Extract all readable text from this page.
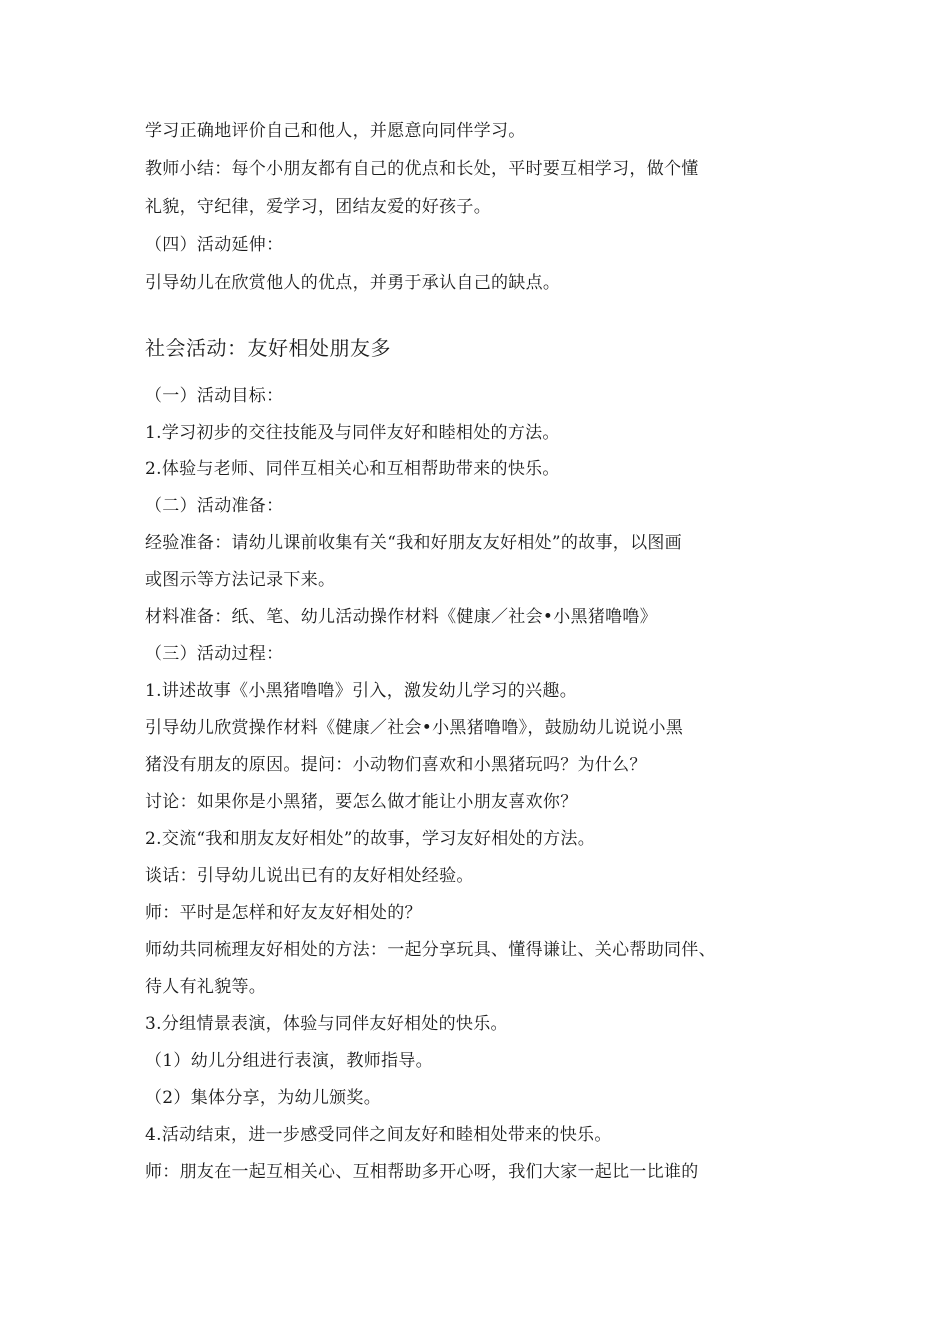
学习正确地评价自己和他人，并愿意向同伴学习。
教师小结：每个小朋友都有自己的优点和长处，平时要互相学习，做个懂
礼貌，守纪律，爱学习，团结友爱的好孩子。
（四）活动延伸：
引导幼儿在欣赏他人的优点，并勇于承认自己的缺点。
社会活动：友好相处朋友多
（一）活动目标：
1.学习初步的交往技能及与同伴友好和睦相处的方法。
2.体验与老师、同伴互相关心和互相帮助带来的快乐。
（二）活动准备：
经验准备：请幼儿课前收集有关“我和好朋友友好相处”的故事，以图画
或图示等方法记录下来。
材料准备：纸、笔、幼儿活动操作材料《健康／社会•小黑猪噜噜》
（三）活动过程：
1.讲述故事《小黑猪噜噜》引入，激发幼儿学习的兴趣。
引导幼儿欣赏操作材料《健康／社会•小黑猪噜噜》，鼓励幼儿说说小黑
猪没有朋友的原因。提问：小动物们喜欢和小黑猪玩吗？为什么？
讨论：如果你是小黑猪，要怎么做才能让小朋友喜欢你？
2.交流“我和朋友友好相处”的故事，学习友好相处的方法。
谈话：引导幼儿说出已有的友好相处经验。
师：平时是怎样和好友友好相处的？
师幼共同梳理友好相处的方法：一起分享玩具、懂得谦让、关心帮助同伴、
待人有礼貌等。
3.分组情景表演，体验与同伴友好相处的快乐。
（1）幼儿分组进行表演，教师指导。
（2）集体分享，为幼儿颁奖。
4.活动结束，进一步感受同伴之间友好和睦相处带来的快乐。
师：朋友在一起互相关心、互相帮助多开心呀，我们大家一起比一比谁的
